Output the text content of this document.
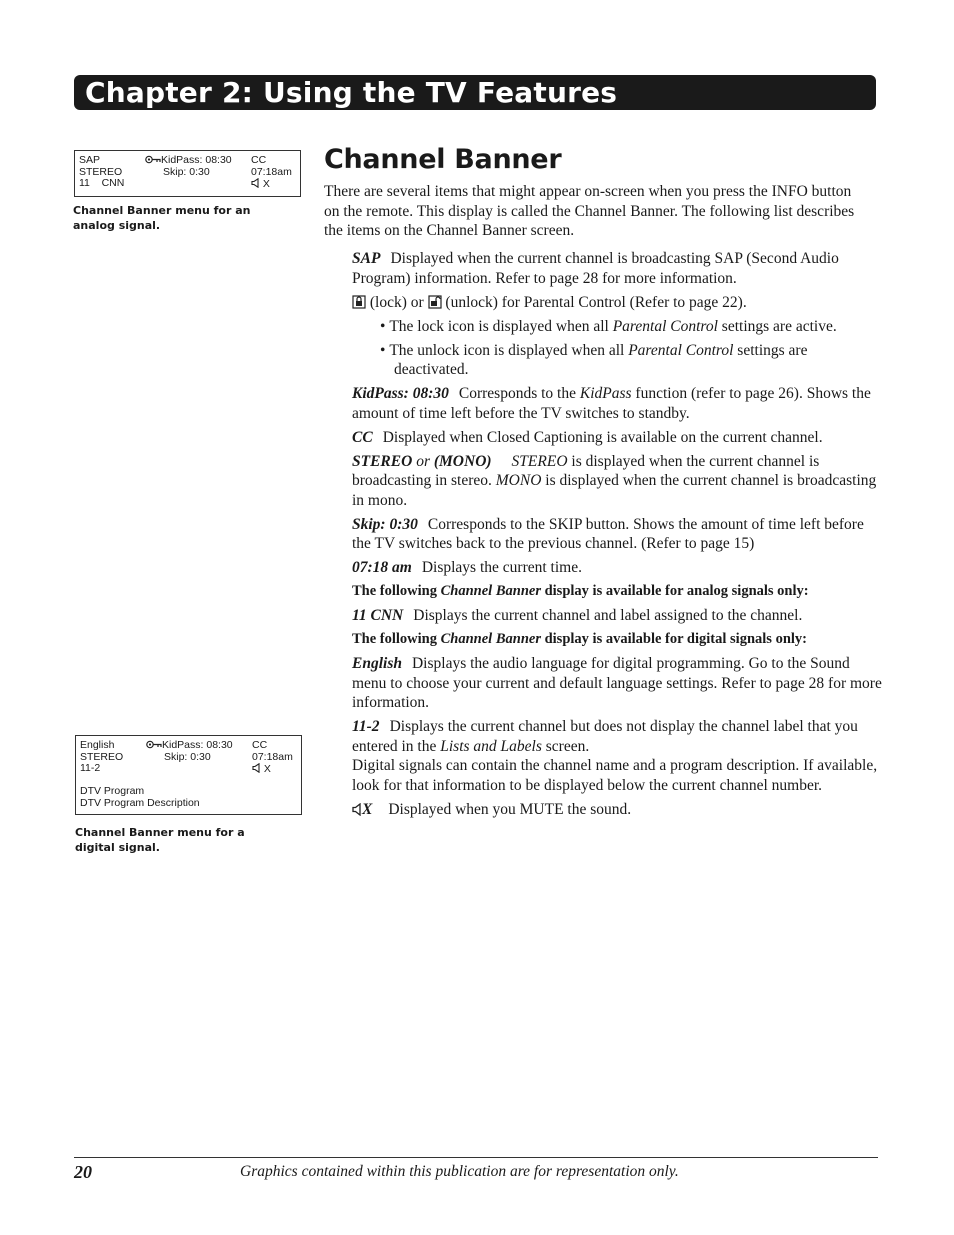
Chapter 2: Using the TV Features
SAP
STEREO
11    CNN
KidPass: 08:30
Skip: 0:30
CC
07:18am
X
Channel Banner menu for an analog signal.
English
STEREO
11-2
DTV Program
DTV Program Description
KidPass: 08:30
Skip: 0:30
CC
07:18am
X
Channel Banner menu for a digital signal.
Channel Banner

There are several items that might appear on-screen when you press the INFO button on the remote. This display is called the Channel Banner. The following list describes the items on the Channel Banner screen.

SAP Displayed when the current channel is broadcasting SAP (Second Audio Program) information. Refer to page 28 for more information.

(lock) or (unlock) for Parental Control (Refer to page 22).

• The lock icon is displayed when all Parental Control settings are active.

• The unlock icon is displayed when all Parental Control settings are deactivated.

KidPass: 08:30 Corresponds to the KidPass function (refer to page 26). Shows the amount of time left before the TV switches to standby.

CC Displayed when Closed Captioning is available on the current channel.

STEREO or (MONO) STEREO is displayed when the current channel is broadcasting in stereo. MONO is displayed when the current channel is broadcasting in mono.

Skip: 0:30 Corresponds to the SKIP button. Shows the amount of time left before the TV switches back to the previous channel. (Refer to page 15)

07:18 am Displays the current time.

The following Channel Banner display is available for analog signals only:

11 CNN Displays the current channel and label assigned to the channel.

The following Channel Banner display is available for digital signals only:

English Displays the audio language for digital programming. Go to the Sound menu to choose your current and default language settings. Refer to page 28 for more information.

11-2 Displays the current channel but does not display the channel label that you entered in the Lists and Labels screen.
Digital signals can contain the channel name and a program description. If available, look for that information to be displayed below the current channel number.

X Displayed when you MUTE the sound.

20	Graphics contained within this publication are for representation only.
